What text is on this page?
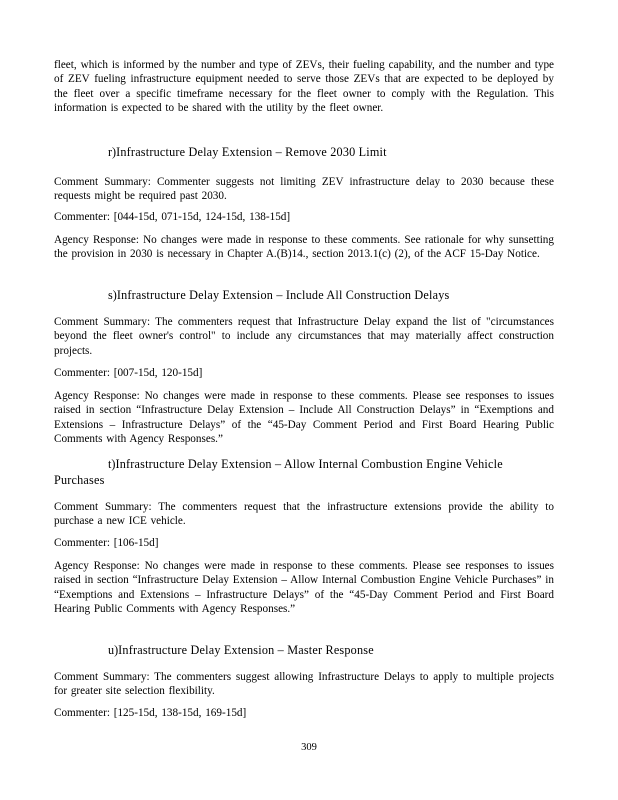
fleet, which is informed by the number and type of ZEVs, their fueling capability, and the number and type of ZEV fueling infrastructure equipment needed to serve those ZEVs that are expected to be deployed by the fleet over a specific timeframe necessary for the fleet owner to comply with the Regulation. This information is expected to be shared with the utility by the fleet owner.

r)Infrastructure Delay Extension – Remove 2030 Limit

Comment Summary: Commenter suggests not limiting ZEV infrastructure delay to 2030 because these requests might be required past 2030.

Commenter: [044-15d, 071-15d, 124-15d, 138-15d]

Agency Response: No changes were made in response to these comments. See rationale for why sunsetting the provision in 2030 is necessary in Chapter A.(B)14., section 2013.1(c) (2), of the ACF 15-Day Notice.

s)Infrastructure Delay Extension – Include All Construction Delays

Comment Summary: The commenters request that Infrastructure Delay expand the list of "circumstances beyond the fleet owner's control" to include any circumstances that may materially affect construction projects.

Commenter: [007-15d, 120-15d]

Agency Response: No changes were made in response to these comments. Please see responses to issues raised in section “Infrastructure Delay Extension – Include All Construction Delays” in “Exemptions and Extensions – Infrastructure Delays” of the “45-Day Comment Period and First Board Hearing Public Comments with Agency Responses.”

t)Infrastructure Delay Extension – Allow Internal Combustion Engine Vehicle Purchases

Comment Summary: The commenters request that the infrastructure extensions provide the ability to purchase a new ICE vehicle.

Commenter: [106-15d]

Agency Response: No changes were made in response to these comments. Please see responses to issues raised in section “Infrastructure Delay Extension – Allow Internal Combustion Engine Vehicle Purchases” in “Exemptions and Extensions – Infrastructure Delays” of the “45-Day Comment Period and First Board Hearing Public Comments with Agency Responses.”

u)Infrastructure Delay Extension – Master Response

Comment Summary: The commenters suggest allowing Infrastructure Delays to apply to multiple projects for greater site selection flexibility.

Commenter: [125-15d, 138-15d, 169-15d]

309
